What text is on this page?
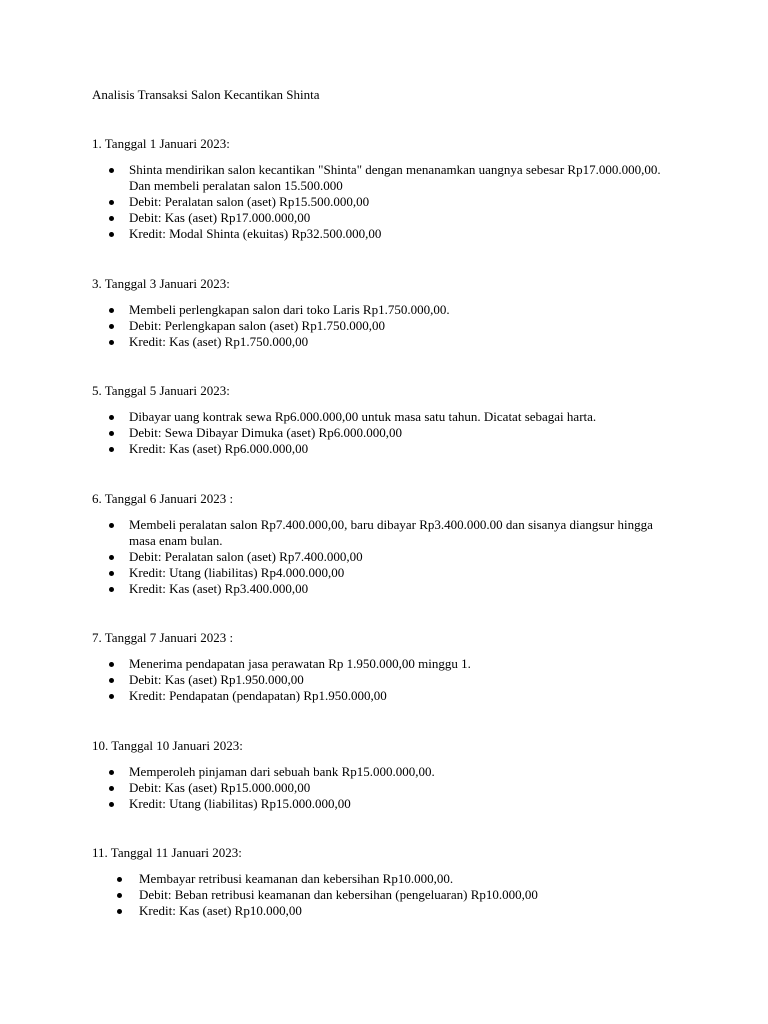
Analisis Transaksi Salon Kecantikan Shinta

1. Tanggal 1 Januari 2023:

Shinta mendirikan salon kecantikan "Shinta" dengan menanamkan uangnya sebesar Rp17.000.000,00. Dan membeli peralatan salon 15.500.000
Debit: Peralatan salon (aset) Rp15.500.000,00
Debit: Kas (aset) Rp17.000.000,00
Kredit: Modal Shinta (ekuitas) Rp32.500.000,00

3. Tanggal 3 Januari 2023:

Membeli perlengkapan salon dari toko Laris Rp1.750.000,00.
Debit: Perlengkapan salon (aset) Rp1.750.000,00
Kredit: Kas (aset) Rp1.750.000,00

5. Tanggal 5 Januari 2023:

Dibayar uang kontrak sewa Rp6.000.000,00 untuk masa satu tahun. Dicatat sebagai harta.
Debit: Sewa Dibayar Dimuka (aset) Rp6.000.000,00
Kredit: Kas (aset) Rp6.000.000,00

6. Tanggal 6 Januari 2023 :

Membeli peralatan salon Rp7.400.000,00, baru dibayar Rp3.400.000.00 dan sisanya diangsur hingga masa enam bulan.
Debit: Peralatan salon (aset) Rp7.400.000,00
Kredit: Utang (liabilitas) Rp4.000.000,00
Kredit: Kas (aset) Rp3.400.000,00

7. Tanggal 7 Januari 2023 :

Menerima pendapatan jasa perawatan Rp 1.950.000,00 minggu 1.
Debit: Kas (aset) Rp1.950.000,00
Kredit: Pendapatan (pendapatan) Rp1.950.000,00

10. Tanggal 10 Januari 2023:

Memperoleh pinjaman dari sebuah bank Rp15.000.000,00.
Debit: Kas (aset) Rp15.000.000,00
Kredit: Utang (liabilitas) Rp15.000.000,00

11. Tanggal 11 Januari 2023:

Membayar retribusi keamanan dan kebersihan Rp10.000,00.
Debit: Beban retribusi keamanan dan kebersihan (pengeluaran) Rp10.000,00
Kredit: Kas (aset) Rp10.000,00
